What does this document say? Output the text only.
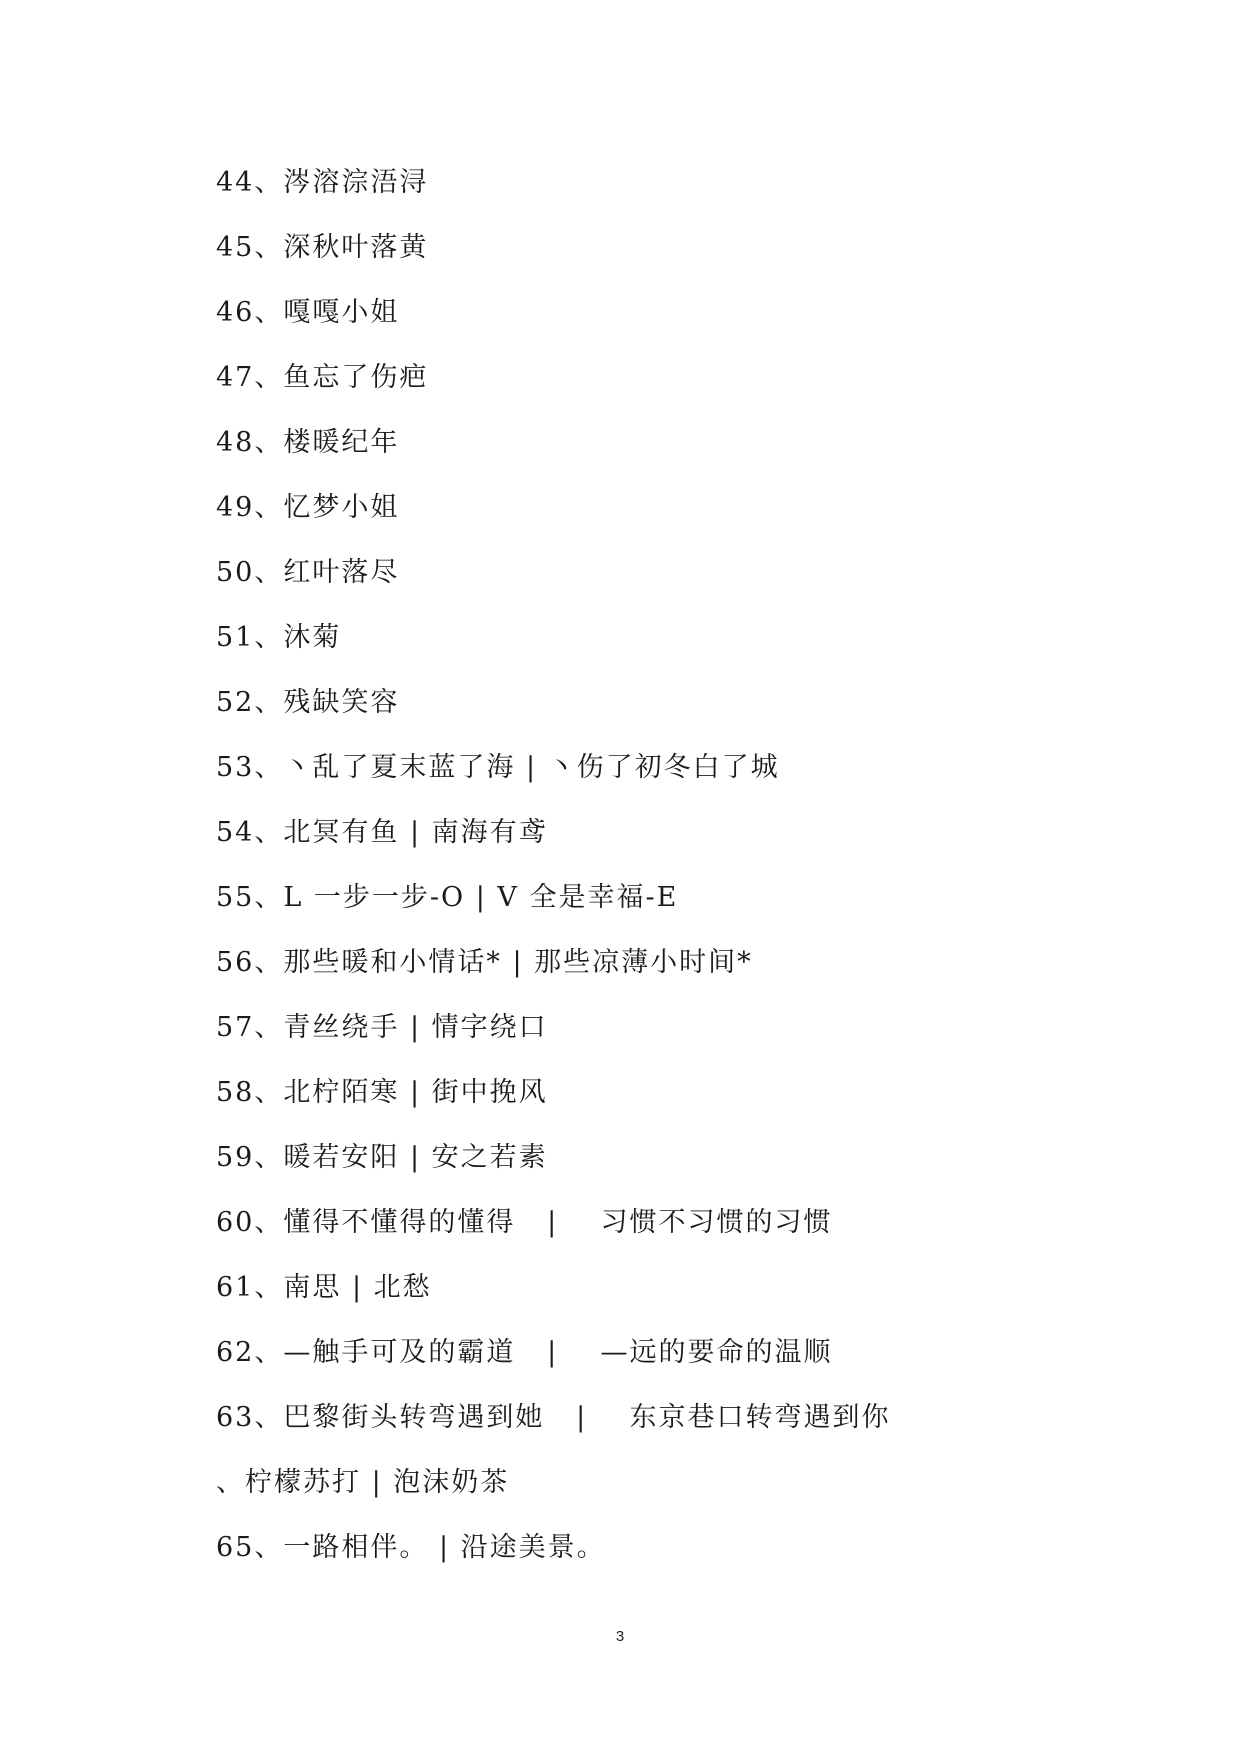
44、涔溶淙浯浔
45、深秋叶落黄
46、嘎嘎小姐
47、鱼忘了伤疤
48、楼暖纪年
49、忆梦小姐
50、红叶落尽
51、沐菊
52、残缺笑容
53、丶乱了夏末蓝了海 | 丶伤了初冬白了城
54、北冥有鱼 | 南海有鸢
55、L 一步一步-O | V 全是幸福-E
56、那些暖和小情话* | 那些凉薄小时间*
57、青丝绕手 | 情字绕口
58、北柠陌寒 | 街中挽风
59、暖若安阳 | 安之若素
60、懂得不懂得的懂得   |    习惯不习惯的习惯
61、南思 | 北愁
62、—触手可及的霸道   |    —远的要命的温顺
63、巴黎街头转弯遇到她   |    东京巷口转弯遇到你
、柠檬苏打 | 泡沫奶茶
65、一路相伴。 | 沿途美景。
3
